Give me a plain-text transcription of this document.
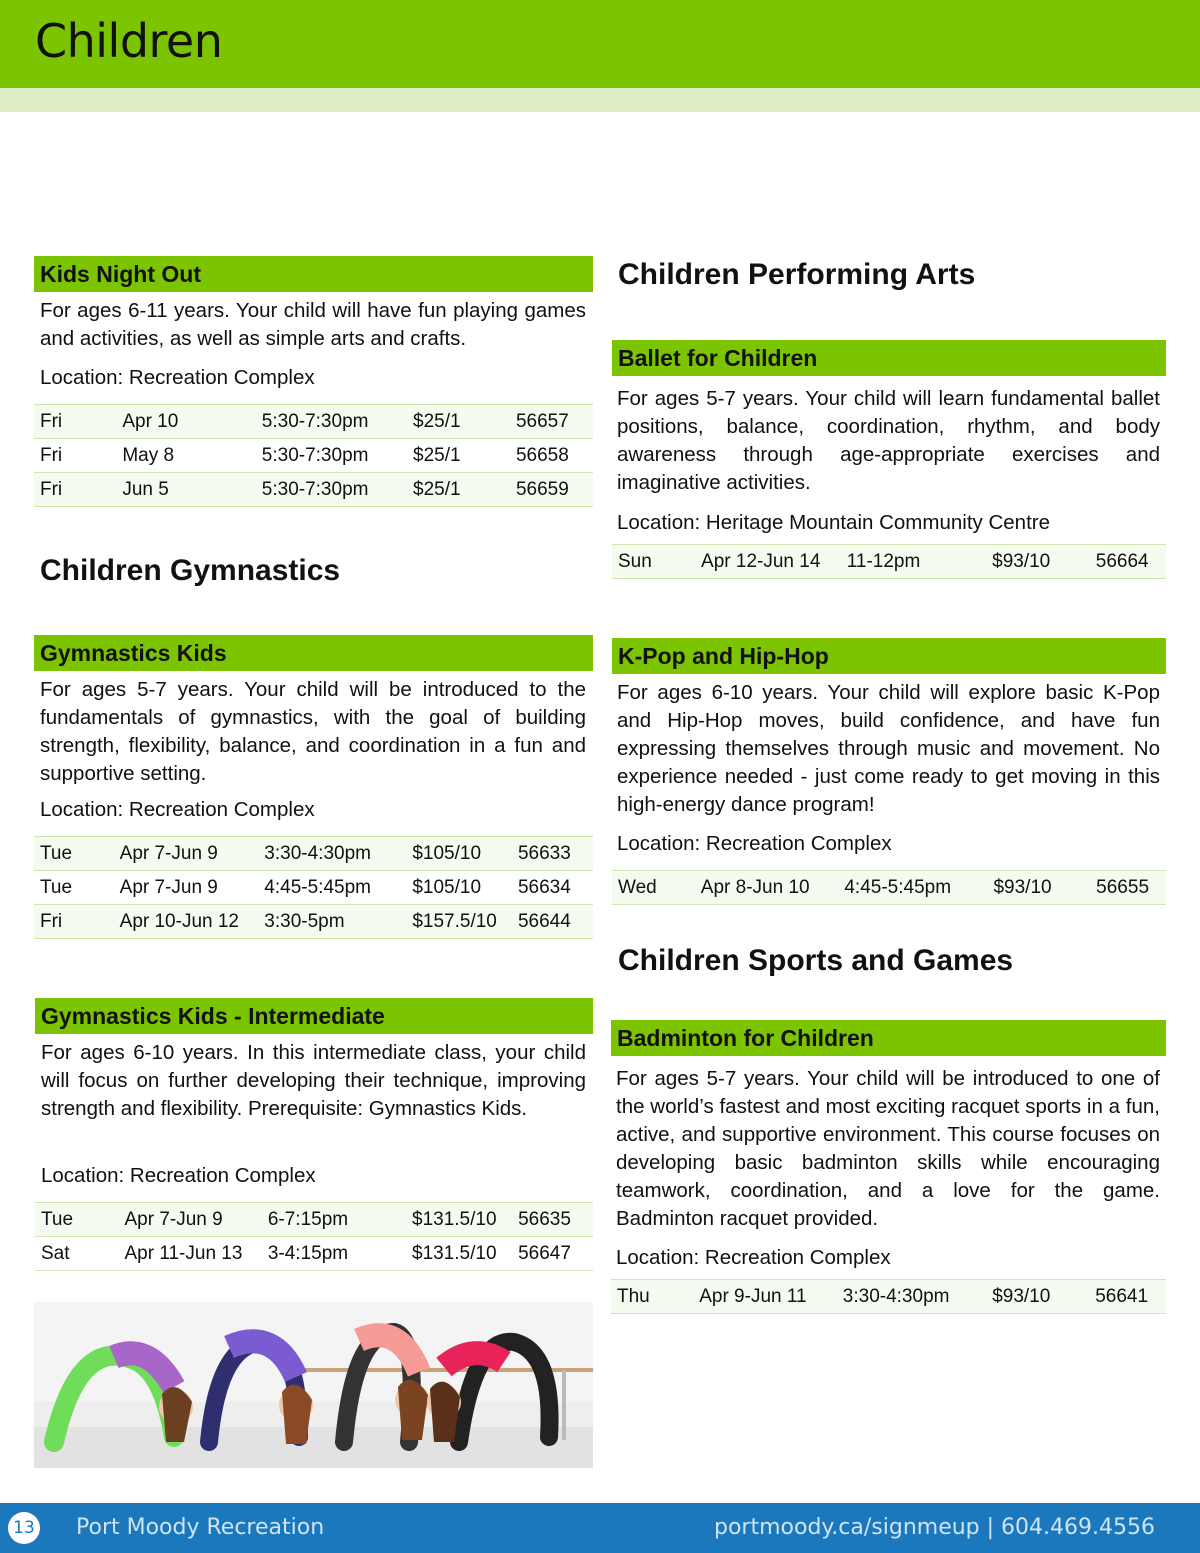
Children
Kids Night Out

For ages 6-11 years. Your child will have fun playing games and activities, as well as simple arts and crafts.

Location: Recreation Complex

Fri	Apr 10	5:30-7:30pm	$25/1	56657
Fri	May 8	5:30-7:30pm	$25/1	56658
Fri	Jun 5	5:30-7:30pm	$25/1	56659
Children Gymnastics
Gymnastics Kids

For ages 5-7 years. Your child will be introduced to the fundamentals of gymnastics, with the goal of building strength, flexibility, balance, and coordination in a fun and supportive setting.

Location: Recreation Complex

Tue	Apr 7-Jun 9	3:30-4:30pm	$105/10	56633
Tue	Apr 7-Jun 9	4:45-5:45pm	$105/10	56634
Fri	Apr 10-Jun 12	3:30-5pm	$157.5/10	56644
Gymnastics Kids - Intermediate

For ages 6-10 years. In this intermediate class, your child will focus on further developing their technique, improving strength and flexibility. Prerequisite: Gymnastics Kids.

Location: Recreation Complex

Tue	Apr 7-Jun 9	6-7:15pm	$131.5/10	56635
Sat	Apr 11-Jun 13	3-4:15pm	$131.5/10	56647
Children Performing Arts
Ballet for Children

For ages 5-7 years. Your child will learn fundamental ballet positions, balance, coordination, rhythm, and body awareness through age-appropriate exercises and imaginative activities.

Location: Heritage Mountain Community Centre

Sun	Apr 12-Jun 14	11-12pm	$93/10	56664
K-Pop and Hip-Hop

For ages 6-10 years. Your child will explore basic K-Pop and Hip-Hop moves, build confidence, and have fun expressing themselves through music and movement. No experience needed - just come ready to get moving in this high-energy dance program!

Location: Recreation Complex

Wed	Apr 8-Jun 10	4:45-5:45pm	$93/10	56655
Children Sports and Games
Badminton for Children

For ages 5-7 years. Your child will be introduced to one of the world’s fastest and most exciting racquet sports in a fun, active, and supportive environment. This course focuses on developing basic badminton skills while encouraging teamwork, coordination, and a love for the game. Badminton racquet provided.

Location: Recreation Complex

Thu	Apr 9-Jun 11	3:30-4:30pm	$93/10	56641
13 Port Moody Recreation	portmoody.ca/signmeup | 604.469.4556
